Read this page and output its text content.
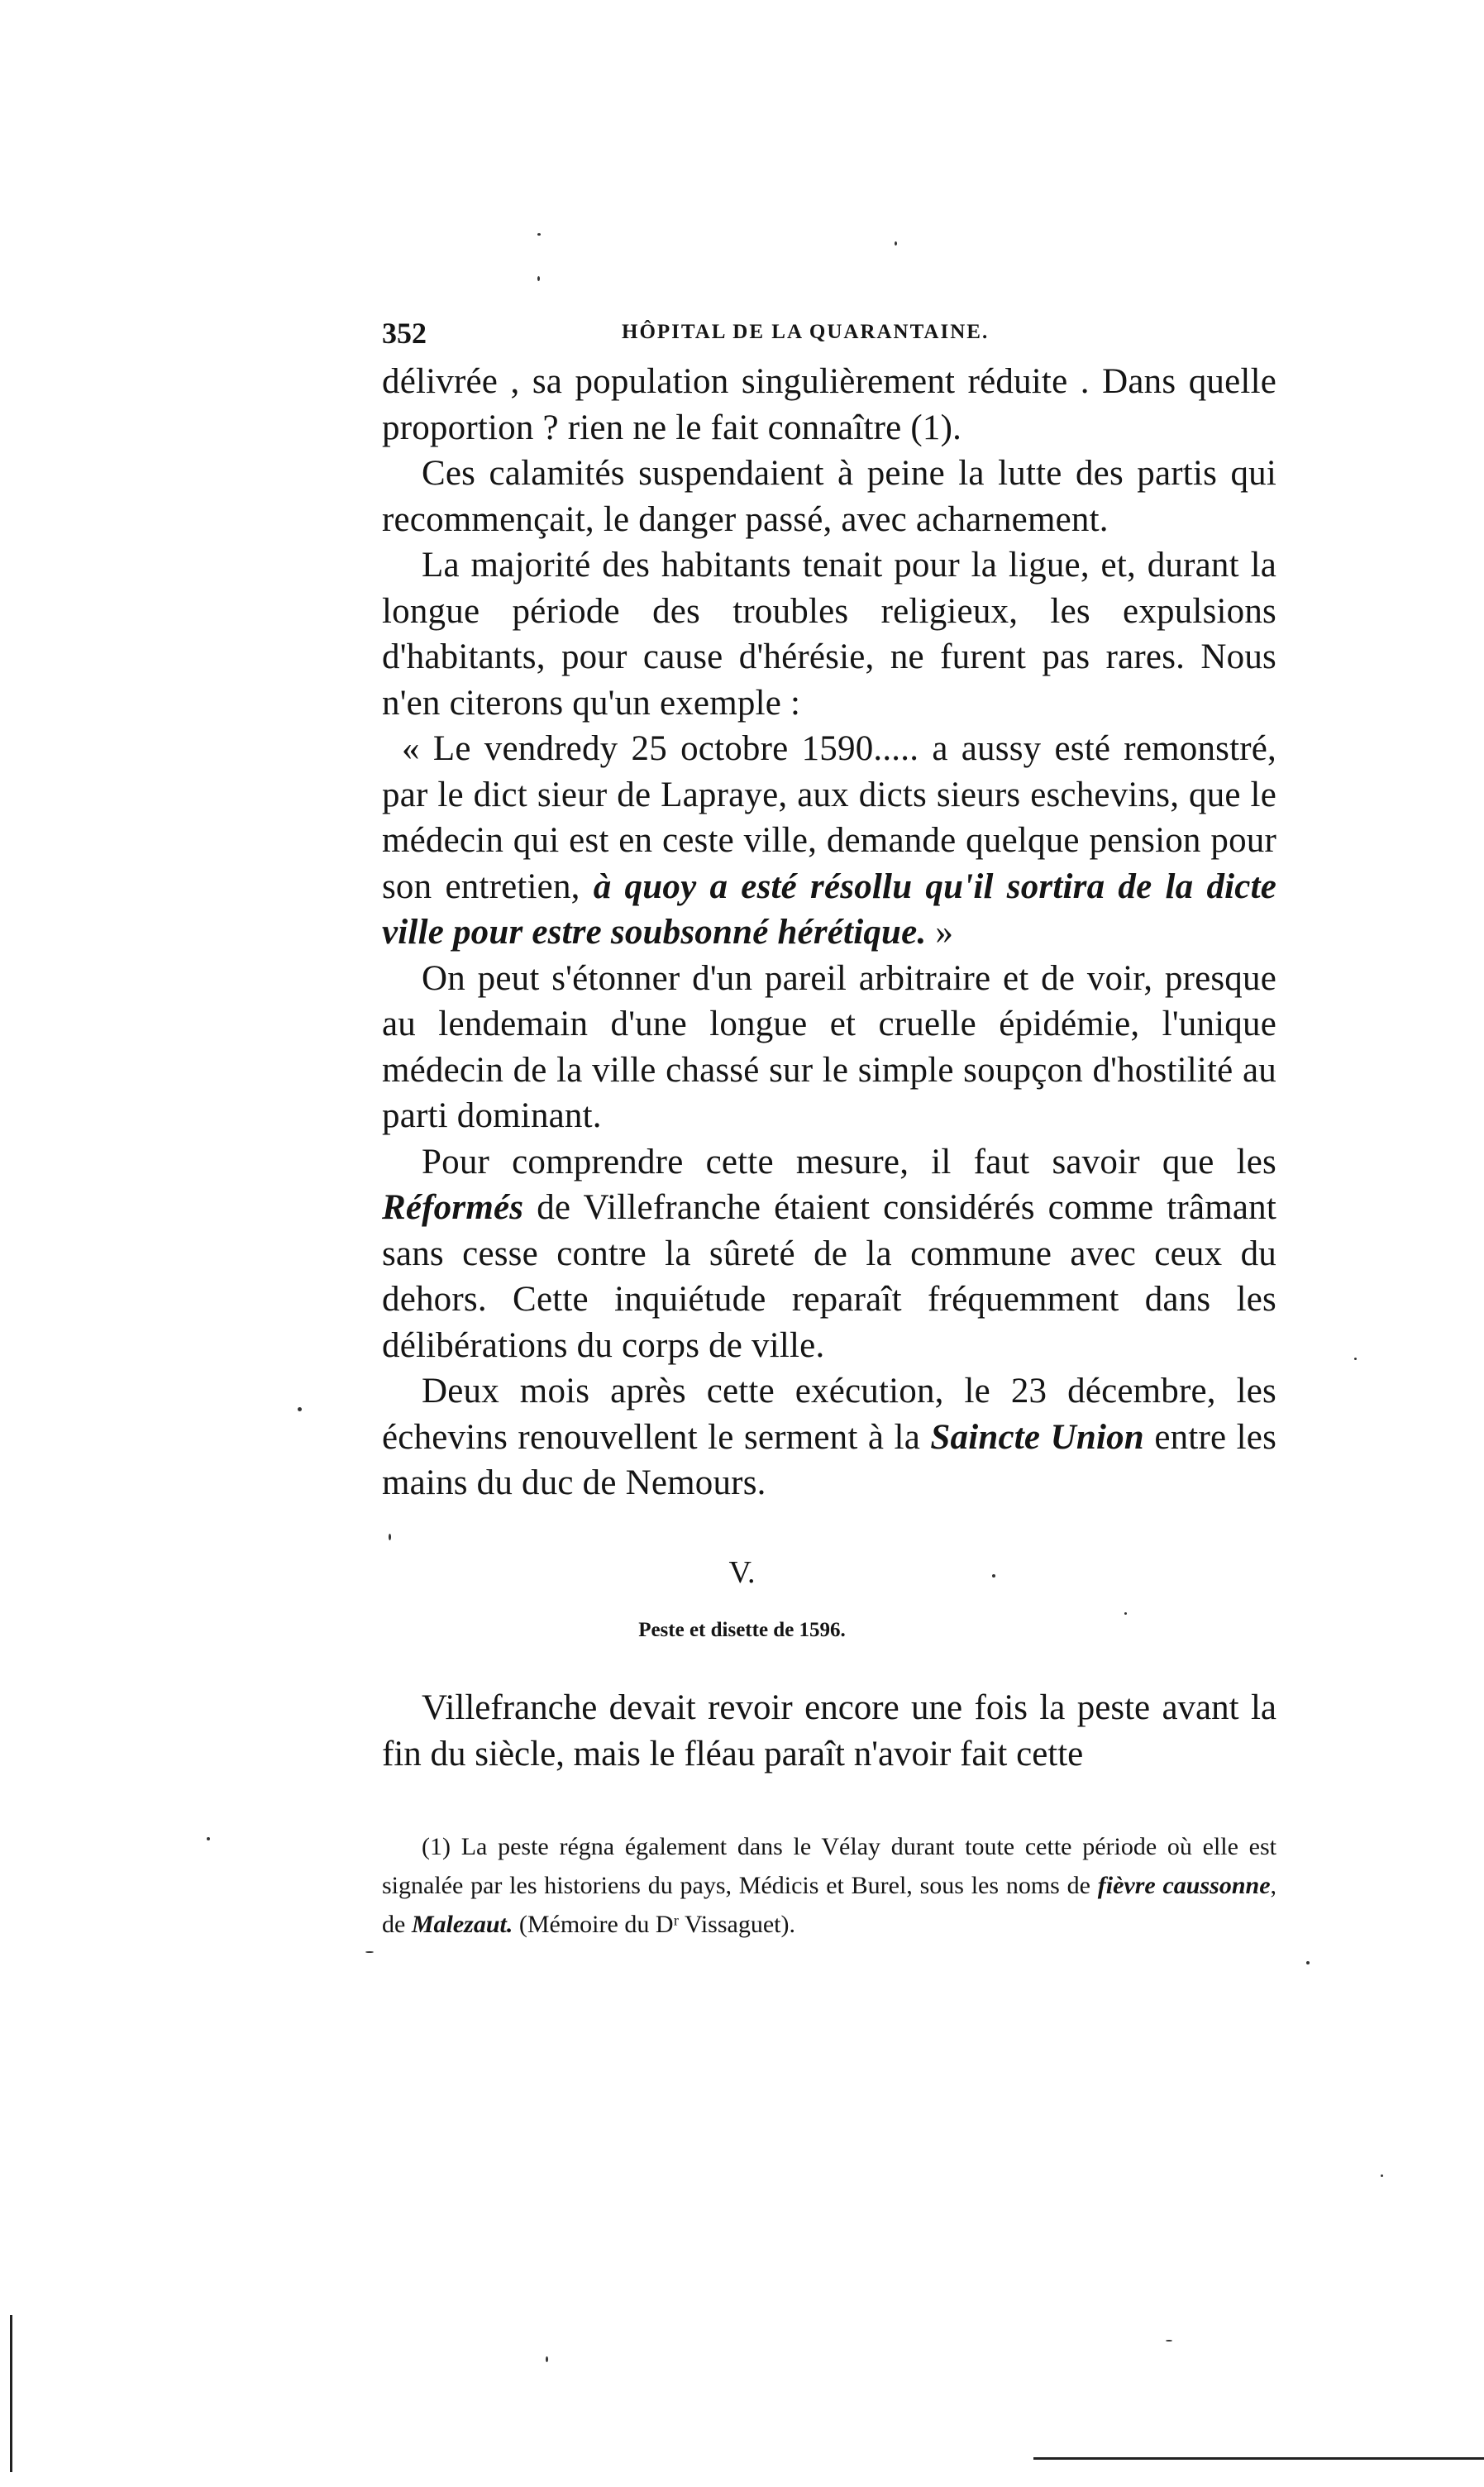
352	HÔPITAL DE LA QUARANTAINE.

délivrée , sa population singulièrement réduite . Dans quelle proportion ? rien ne le fait connaître (1).

Ces calamités suspendaient à peine la lutte des partis qui recommençait, le danger passé, avec acharnement.

La majorité des habitants tenait pour la ligue, et, durant la longue période des troubles religieux, les expulsions d'habitants, pour cause d'hérésie, ne furent pas rares. Nous n'en citerons qu'un exemple :

« Le vendredy 25 octobre 1590..... a aussy esté remonstré, par le dict sieur de Lapraye, aux dicts sieurs eschevins, que le médecin qui est en ceste ville, demande quelque pension pour son entretien, à quoy a esté résollu qu'il sortira de la dicte ville pour estre soubsonné hérétique. »

On peut s'étonner d'un pareil arbitraire et de voir, presque au lendemain d'une longue et cruelle épidémie, l'unique médecin de la ville chassé sur le simple soupçon d'hostilité au parti dominant.

Pour comprendre cette mesure, il faut savoir que les Réformés de Villefranche étaient considérés comme trâmant sans cesse contre la sûreté de la commune avec ceux du dehors. Cette inquiétude reparaît fréquemment dans les délibérations du corps de ville.

Deux mois après cette exécution, le 23 décembre, les échevins renouvellent le serment à la Saincte Union entre les mains du duc de Nemours.

V.
Peste et disette de 1596.

Villefranche devait revoir encore une fois la peste avant la fin du siècle, mais le fléau paraît n'avoir fait cette

(1) La peste régna également dans le Vélay durant toute cette période où elle est signalée par les historiens du pays, Médicis et Burel, sous les noms de fièvre caussonne, de Malezaut. (Mémoire du Dʳ Vissaguet).
